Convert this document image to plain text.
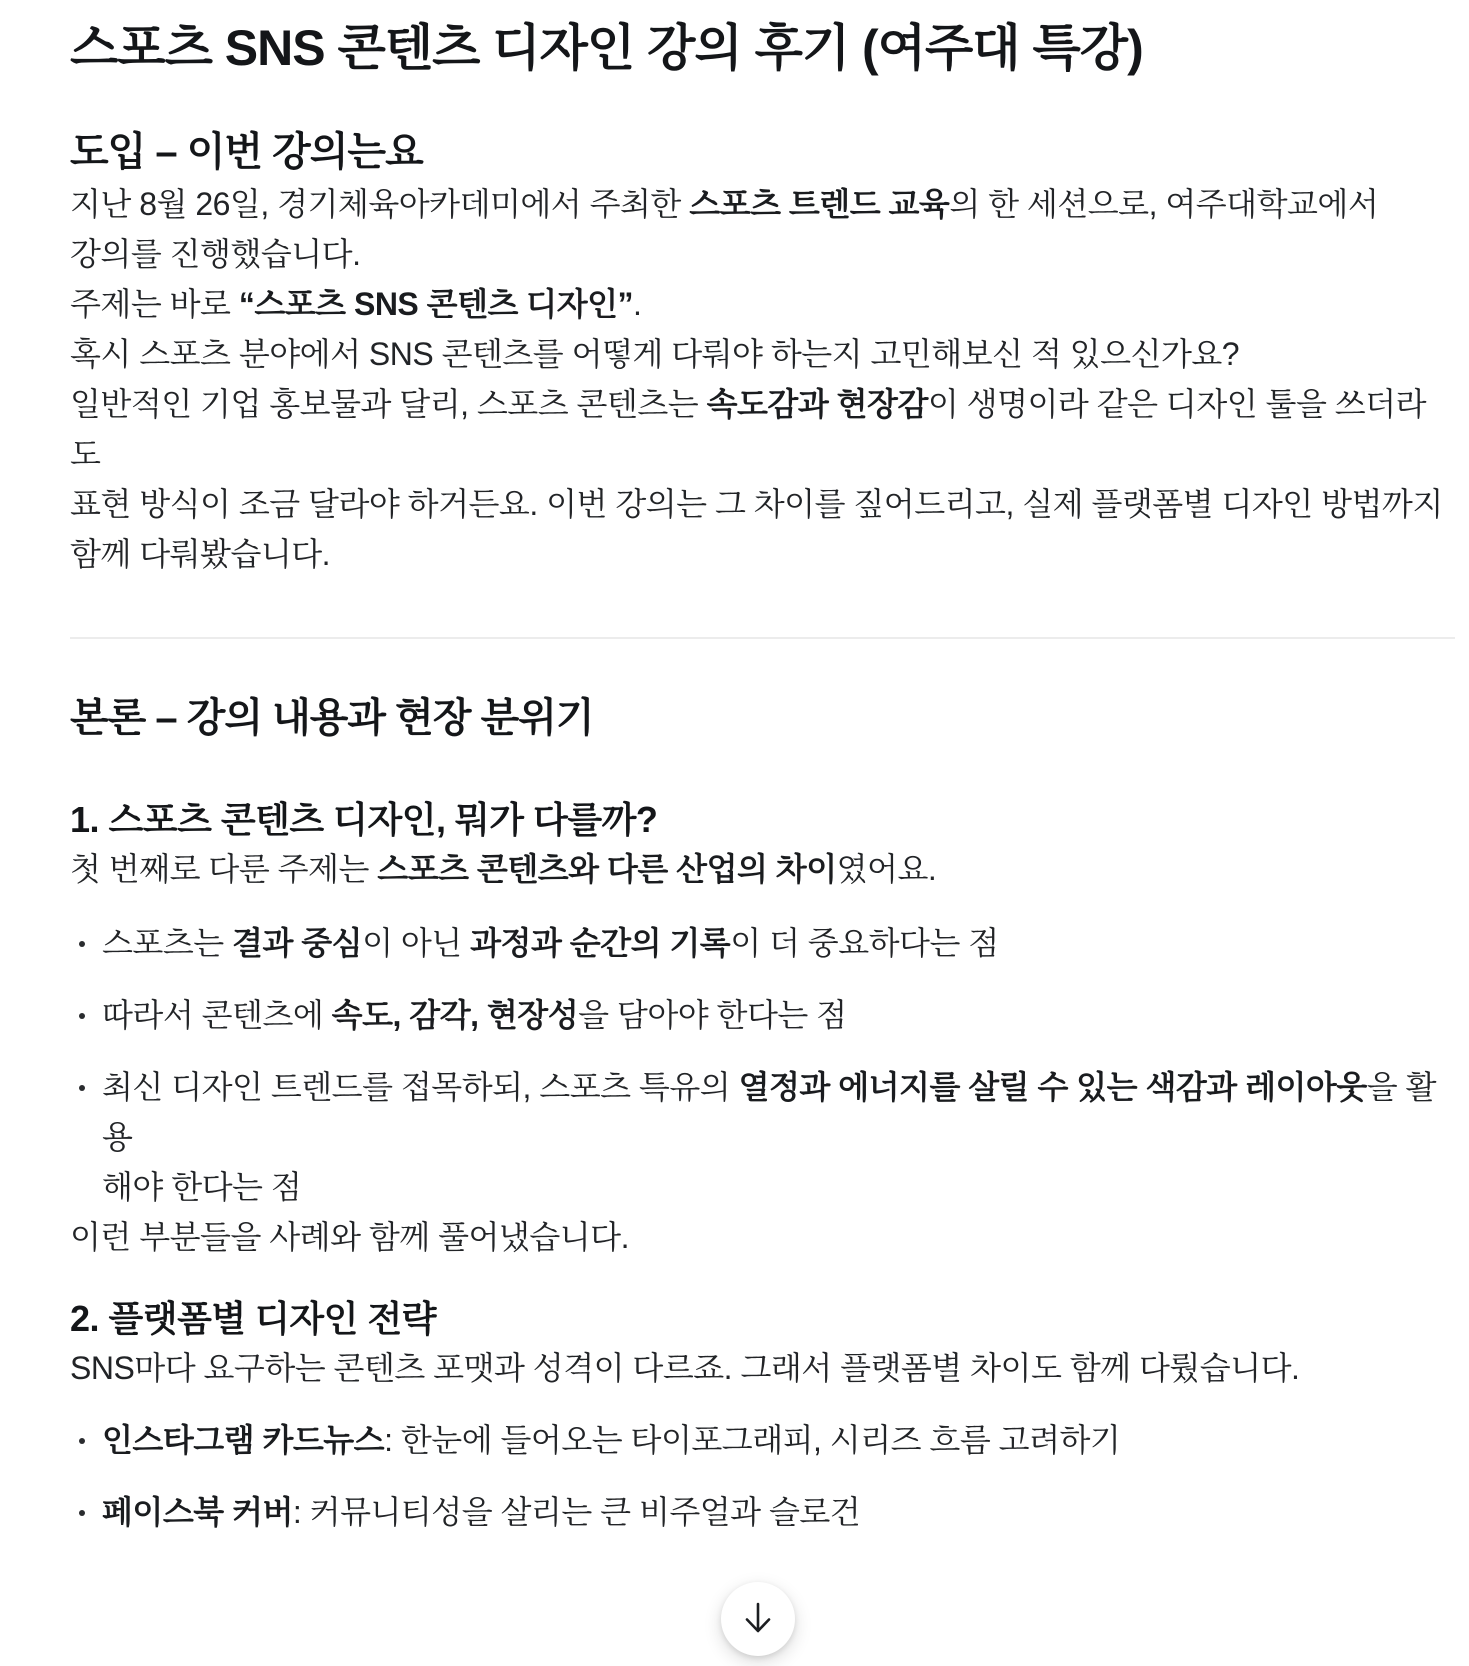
스포츠 SNS 콘텐츠 디자인 강의 후기 (여주대 특강)
도입 – 이번 강의는요

지난 8월 26일, 경기체육아카데미에서 주최한 스포츠 트렌드 교육의 한 세션으로, 여주대학교에서
강의를 진행했습니다.
주제는 바로 “스포츠 SNS 콘텐츠 디자인”.

혹시 스포츠 분야에서 SNS 콘텐츠를 어떻게 다뤄야 하는지 고민해보신 적 있으신가요?
일반적인 기업 홍보물과 달리, 스포츠 콘텐츠는 속도감과 현장감이 생명이라 같은 디자인 툴을 쓰더라도
표현 방식이 조금 달라야 하거든요. 이번 강의는 그 차이를 짚어드리고, 실제 플랫폼별 디자인 방법까지
함께 다뤄봤습니다.

본론 – 강의 내용과 현장 분위기
1. 스포츠 콘텐츠 디자인, 뭐가 다를까?

첫 번째로 다룬 주제는 스포츠 콘텐츠와 다른 산업의 차이였어요.

스포츠는 결과 중심이 아닌 과정과 순간의 기록이 더 중요하다는 점
따라서 콘텐츠에 속도, 감각, 현장성을 담아야 한다는 점
최신 디자인 트렌드를 접목하되, 스포츠 특유의 열정과 에너지를 살릴 수 있는 색감과 레이아웃을 활용
해야 한다는 점

이런 부분들을 사례와 함께 풀어냈습니다.

2. 플랫폼별 디자인 전략

SNS마다 요구하는 콘텐츠 포맷과 성격이 다르죠. 그래서 플랫폼별 차이도 함께 다뤘습니다.

인스타그램 카드뉴스: 한눈에 들어오는 타이포그래피, 시리즈 흐름 고려하기
페이스북 커버: 커뮤니티성을 살리는 큰 비주얼과 슬로건
